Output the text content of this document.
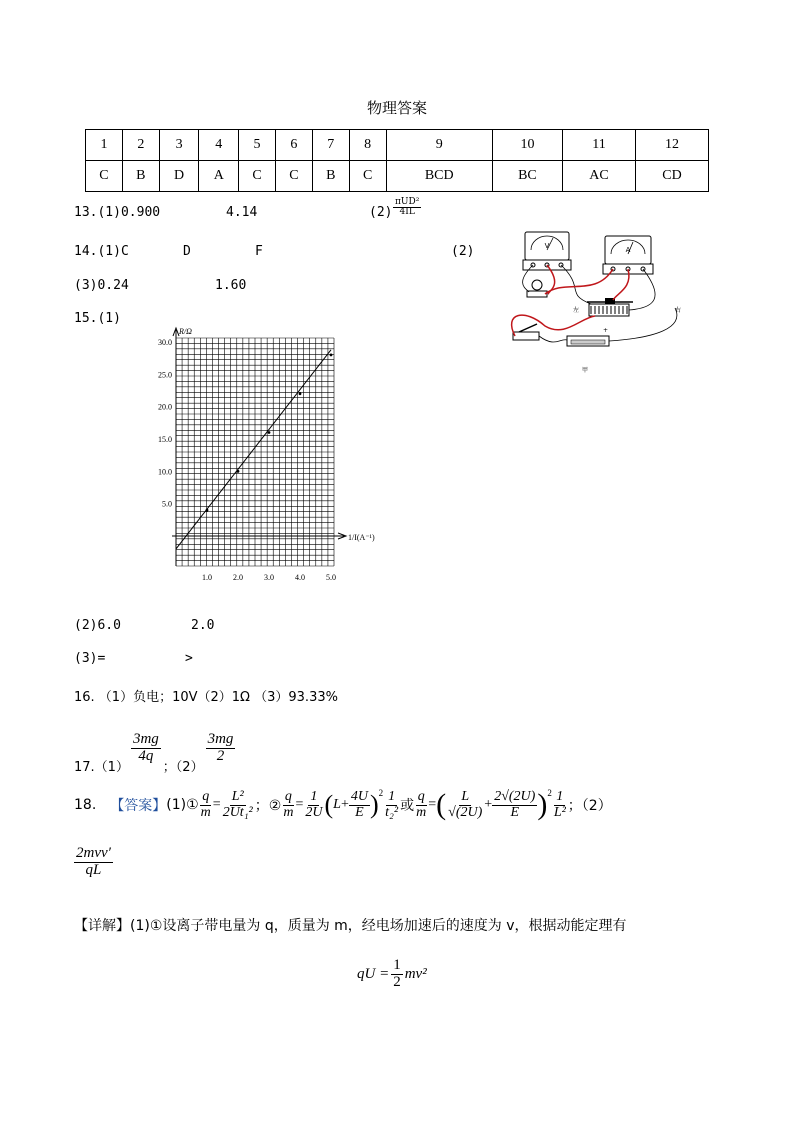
物理答案
1	2	3	4	5	6	7	8	9	10	11	12
C	B	D	A	C	C	B	C	BCD	BC	AC	CD
13.(1)0.900	4.14	$(2) \frac{\text{πUD²}}{4IL}$
14.(1)C	D	F	(2)
(3)0.24	1.60
V	A
左	右
+
甲
15.(1)
R/Ω
1/I(A⁻¹)
1.0	2.0	3.0	4.0	5.0
5.0
10.0
15.0
20.0
25.0
30.0
(2)6.0	2.0
(3)=	>
16. （1）负电；10V（2）1Ω （3）93.33%
17.（1）
$\frac{3mg}{4q}$
；（2）
$\frac{3mg}{2}$
18. 【答案】 (1)① $\frac{q}{m} = \frac{\text{L²}}{\text{2Ut₁²}}$ ；② $\frac{q}{m} = \frac{1}{2U}$ ( $L + \frac{4U}{E} )^2 \frac{1}{\text{t₂²}}$ 或 $\frac{q}{m}$ = ( $\frac{L}{√(2U)} + \frac{2√(2U)}{E} )^2 \frac{1}{\text{L²}}$ ；（2）
$\frac{\text{2mvv′}}{qL}$
【详解】(1)①设离子带电量为 q，质量为 m，经电场加速后的速度为 v，根据动能定理有
qU = $\frac{1}{2} mv^2$
